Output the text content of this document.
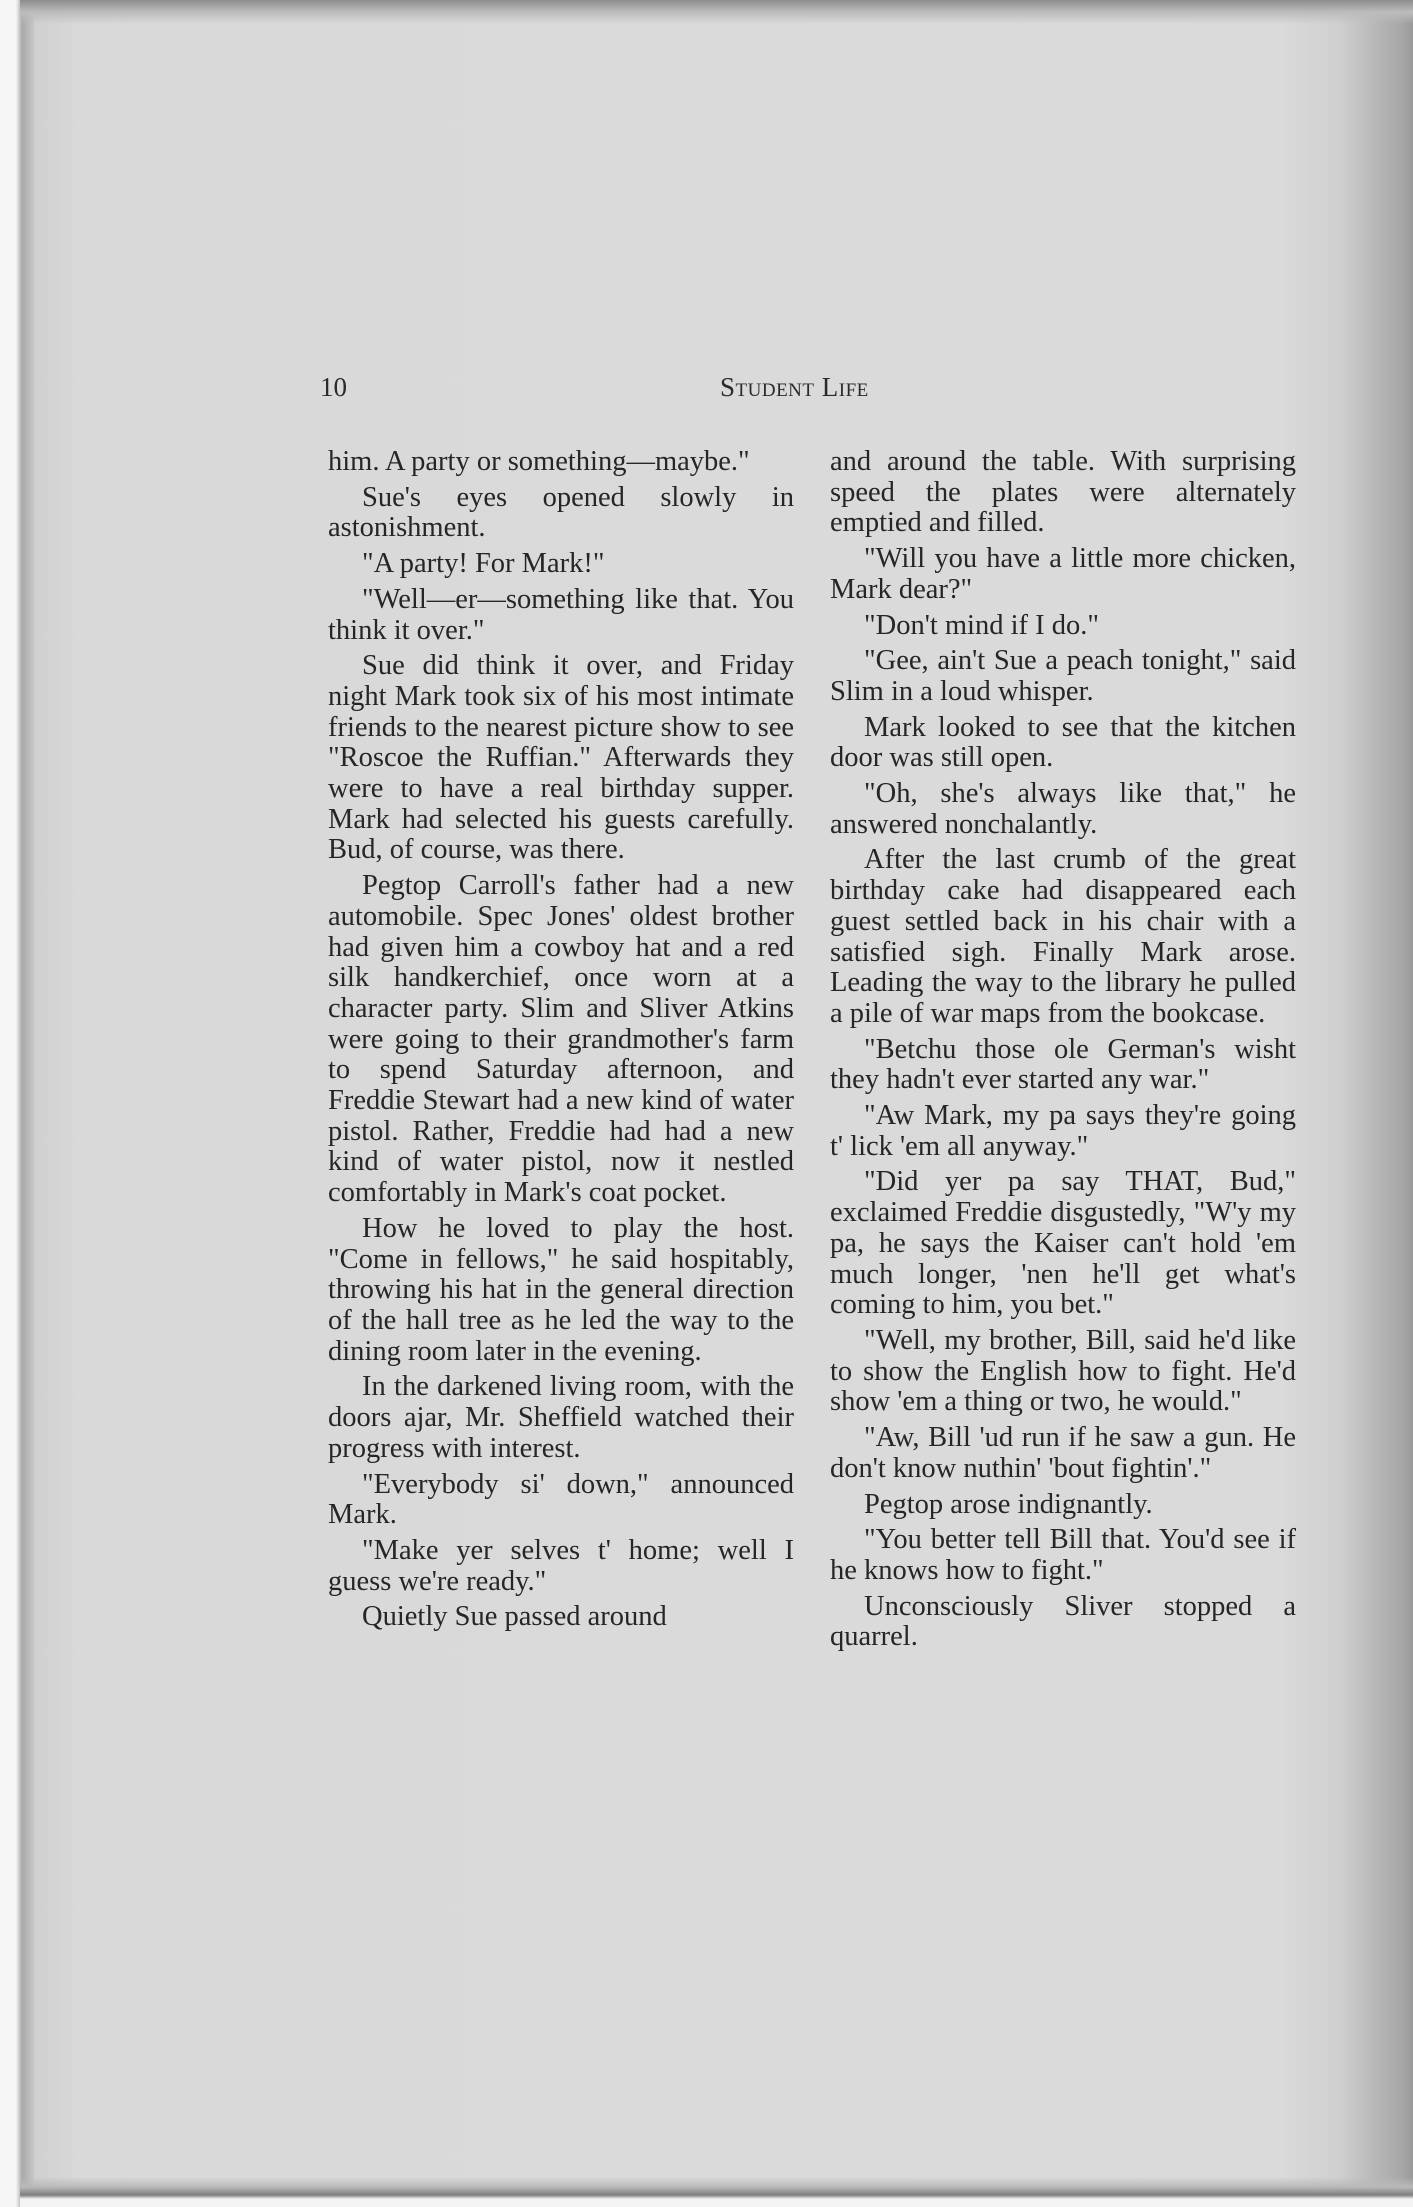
10	Student Life

him. A party or something—maybe."

Sue's eyes opened slowly in astonishment.

"A party! For Mark!"

"Well—er—something like that. You think it over."

Sue did think it over, and Friday night Mark took six of his most intimate friends to the nearest picture show to see "Roscoe the Ruffian." Afterwards they were to have a real birthday supper. Mark had selected his guests carefully. Bud, of course, was there.

Pegtop Carroll's father had a new automobile. Spec Jones' oldest brother had given him a cowboy hat and a red silk handkerchief, once worn at a character party. Slim and Sliver Atkins were going to their grandmother's farm to spend Saturday afternoon, and Freddie Stewart had a new kind of water pistol. Rather, Freddie had had a new kind of water pistol, now it nestled comfortably in Mark's coat pocket.

How he loved to play the host. "Come in fellows," he said hospitably, throwing his hat in the general direction of the hall tree as he led the way to the dining room later in the evening.

In the darkened living room, with the doors ajar, Mr. Sheffield watched their progress with interest.

"Everybody si' down," announced Mark.

"Make yer selves t' home; well I guess we're ready."

Quietly Sue passed around

and around the table. With surprising speed the plates were alternately emptied and filled.

"Will you have a little more chicken, Mark dear?"

"Don't mind if I do."

"Gee, ain't Sue a peach tonight," said Slim in a loud whisper.

Mark looked to see that the kitchen door was still open.

"Oh, she's always like that," he answered nonchalantly.

After the last crumb of the great birthday cake had disappeared each guest settled back in his chair with a satisfied sigh. Finally Mark arose. Leading the way to the library he pulled a pile of war maps from the bookcase.

"Betchu those ole German's wisht they hadn't ever started any war."

"Aw Mark, my pa says they're going t' lick 'em all anyway."

"Did yer pa say THAT, Bud," exclaimed Freddie disgustedly, "W'y my pa, he says the Kaiser can't hold 'em much longer, 'nen he'll get what's coming to him, you bet."

"Well, my brother, Bill, said he'd like to show the English how to fight. He'd show 'em a thing or two, he would."

"Aw, Bill 'ud run if he saw a gun. He don't know nuthin' 'bout fightin'."

Pegtop arose indignantly.

"You better tell Bill that. You'd see if he knows how to fight."

Unconsciously Sliver stopped a quarrel.
